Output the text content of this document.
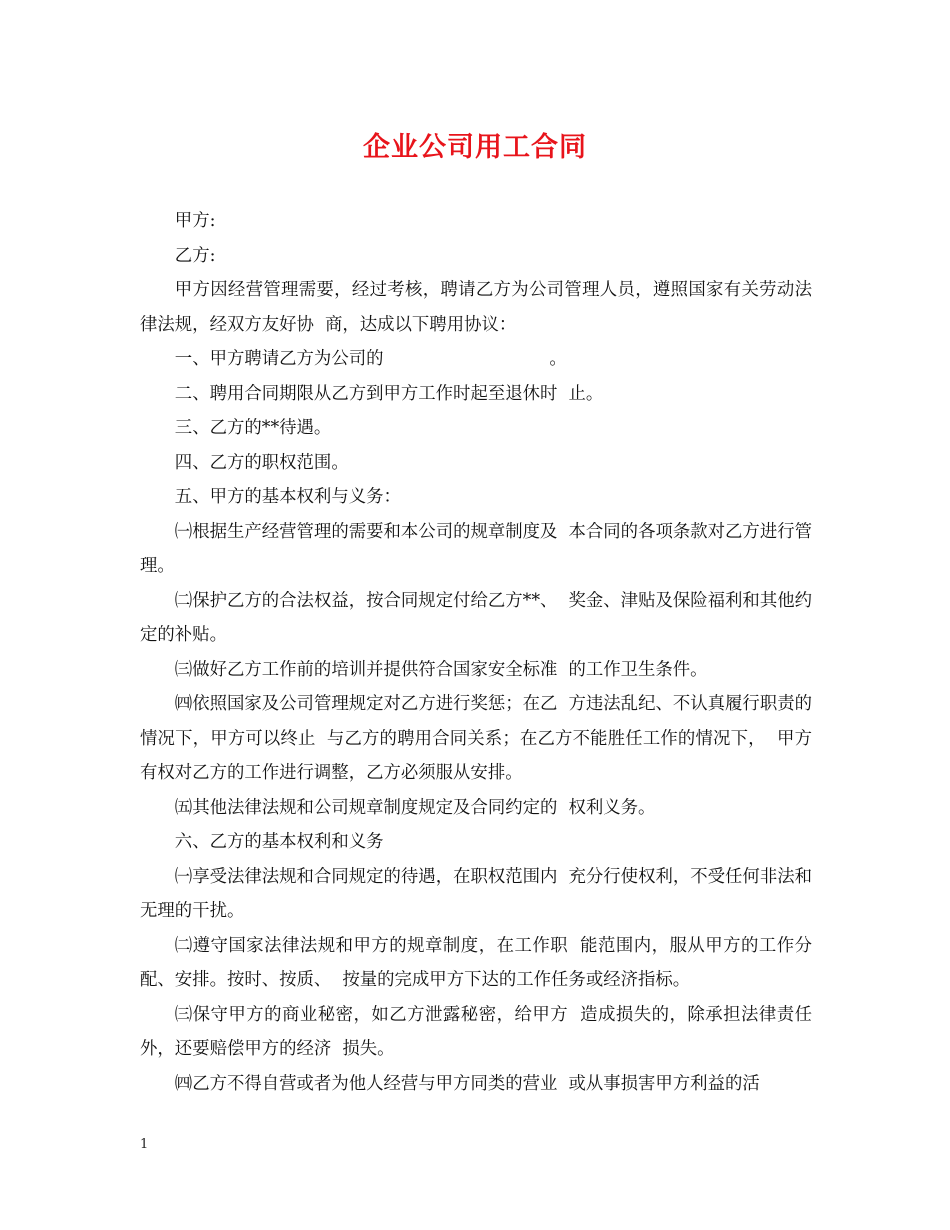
企业公司用工合同

甲方:

乙方:

甲方因经营管理需要，经过考核，聘请乙方为公司管理人员，遵照国家有关劳动法律法规，经双方友好协  商，达成以下聘用协议：

一、甲方聘请乙方为公司的                              。

二、聘用合同期限从乙方到甲方工作时起至退休时  止。

三、乙方的**待遇。

四、乙方的职权范围。

五、甲方的基本权利与义务：

㈠根据生产经营管理的需要和本公司的规章制度及  本合同的各项条款对乙方进行管理。

㈡保护乙方的合法权益，按合同规定付给乙方**、  奖金、津贴及保险福利和其他约定的补贴。

㈢做好乙方工作前的培训并提供符合国家安全标准  的工作卫生条件。

㈣依照国家及公司管理规定对乙方进行奖惩；在乙  方违法乱纪、不认真履行职责的情况下，甲方可以终止  与乙方的聘用合同关系；在乙方不能胜任工作的情况下，  甲方有权对乙方的工作进行调整，乙方必须服从安排。

㈤其他法律法规和公司规章制度规定及合同约定的  权利义务。

六、乙方的基本权利和义务

㈠享受法律法规和合同规定的待遇，在职权范围内  充分行使权利，不受任何非法和无理的干扰。

㈡遵守国家法律法规和甲方的规章制度，在工作职  能范围内，服从甲方的工作分配、安排。按时、按质、  按量的完成甲方下达的工作任务或经济指标。

㈢保守甲方的商业秘密，如乙方泄露秘密，给甲方  造成损失的，除承担法律责任外，还要赔偿甲方的经济  损失。

㈣乙方不得自营或者为他人经营与甲方同类的营业  或从事损害甲方利益的活

1
